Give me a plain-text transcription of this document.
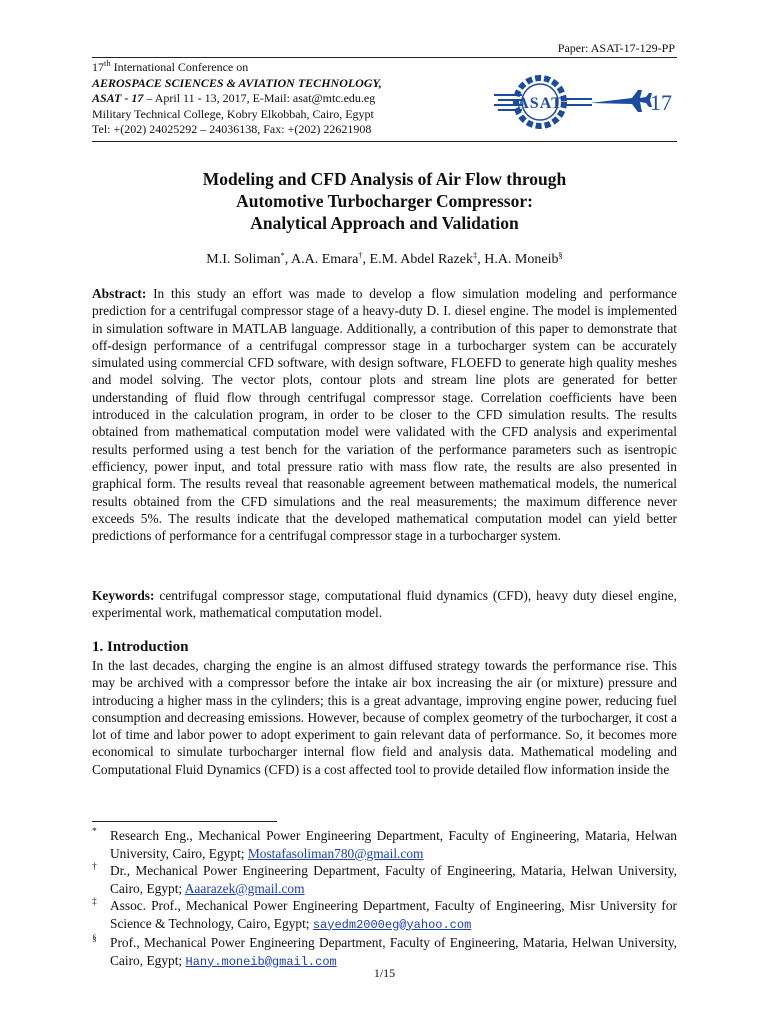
Paper: ASAT-17-129-PP
17th International Conference on
AEROSPACE SCIENCES & AVIATION TECHNOLOGY,
ASAT - 17 – April 11 - 13, 2017, E-Mail: asat@mtc.edu.eg
Military Technical College, Kobry Elkobbah, Cairo, Egypt
Tel: +(202) 24025292 – 24036138, Fax: +(202) 22621908
ASAT	17
Modeling and CFD Analysis of Air Flow through
Automotive Turbocharger Compressor:
Analytical Approach and Validation
M.I. Soliman*, A.A. Emara†, E.M. Abdel Razek‡, H.A. Moneib§
Abstract: In this study an effort was made to develop a flow simulation modeling and performance prediction for a centrifugal compressor stage of a heavy-duty D. I. diesel engine. The model is implemented in simulation software in MATLAB language. Additionally, a contribution of this paper to demonstrate that off-design performance of a centrifugal compressor stage in a turbocharger system can be accurately simulated using commercial CFD software, with design software, FLOEFD to generate high quality meshes and model solving. The vector plots, contour plots and stream line plots are generated for better understanding of fluid flow through centrifugal compressor stage. Correlation coefficients have been introduced in the calculation program, in order to be closer to the CFD simulation results. The results obtained from mathematical computation model were validated with the CFD analysis and experimental results performed using a test bench for the variation of the performance parameters such as isentropic efficiency, power input, and total pressure ratio with mass flow rate, the results are also presented in graphical form. The results reveal that reasonable agreement between mathematical models, the numerical results obtained from the CFD simulations and the real measurements; the maximum difference never exceeds 5%. The results indicate that the developed mathematical computation model can yield better predictions of performance for a centrifugal compressor stage in a turbocharger system.
Keywords: centrifugal compressor stage, computational fluid dynamics (CFD), heavy duty diesel engine, experimental work, mathematical computation model.
1. Introduction
In the last decades, charging the engine is an almost diffused strategy towards the performance rise. This may be archived with a compressor before the intake air box increasing the air (or mixture) pressure and introducing a higher mass in the cylinders; this is a great advantage, improving engine power, reducing fuel consumption and decreasing emissions. However, because of complex geometry of the turbocharger, it cost a lot of time and labor power to adopt experiment to gain relevant data of performance. So, it becomes more economical to simulate turbocharger internal flow field and analysis data. Mathematical modeling and Computational Fluid Dynamics (CFD) is a cost affected tool to provide detailed flow information inside the
* Research Eng., Mechanical Power Engineering Department, Faculty of Engineering, Mataria, Helwan University, Cairo, Egypt; Mostafasoliman780@gmail.com
† Dr., Mechanical Power Engineering Department, Faculty of Engineering, Mataria, Helwan University, Cairo, Egypt; Aaarazek@gmail.com
‡ Assoc. Prof., Mechanical Power Engineering Department, Faculty of Engineering, Misr University for Science & Technology, Cairo, Egypt; sayedm2000eg@yahoo.com
§ Prof., Mechanical Power Engineering Department, Faculty of Engineering, Mataria, Helwan University, Cairo, Egypt; Hany.moneib@gmail.com
1/15
